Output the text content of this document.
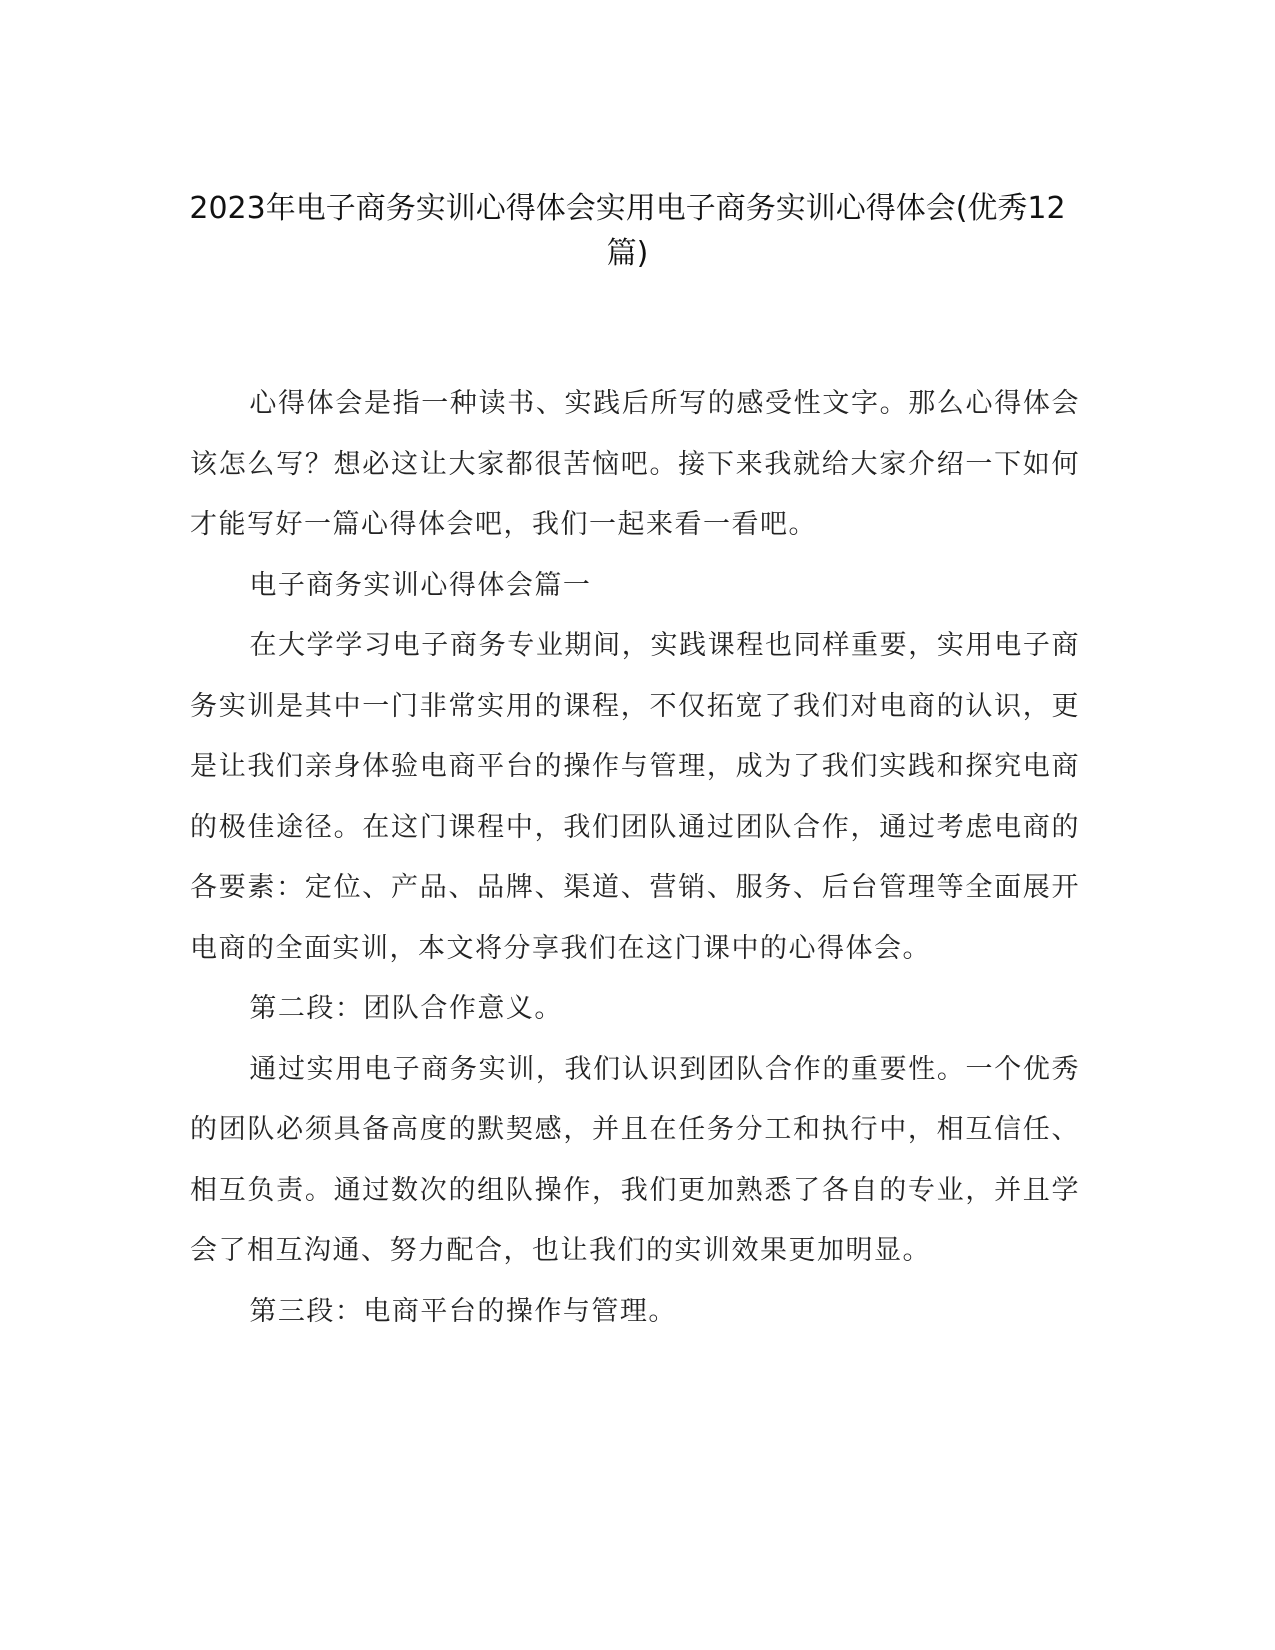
2023年电子商务实训心得体会实用电子商务实训心得体会(优秀12篇)

心得体会是指一种读书、实践后所写的感受性文字。那么心得体会该怎么写？想必这让大家都很苦恼吧。接下来我就给大家介绍一下如何才能写好一篇心得体会吧，我们一起来看一看吧。

电子商务实训心得体会篇一

在大学学习电子商务专业期间，实践课程也同样重要，实用电子商务实训是其中一门非常实用的课程，不仅拓宽了我们对电商的认识，更是让我们亲身体验电商平台的操作与管理，成为了我们实践和探究电商的极佳途径。在这门课程中，我们团队通过团队合作，通过考虑电商的各要素：定位、产品、品牌、渠道、营销、服务、后台管理等全面展开电商的全面实训，本文将分享我们在这门课中的心得体会。

第二段：团队合作意义。

通过实用电子商务实训，我们认识到团队合作的重要性。一个优秀的团队必须具备高度的默契感，并且在任务分工和执行中，相互信任、相互负责。通过数次的组队操作，我们更加熟悉了各自的专业，并且学会了相互沟通、努力配合，也让我们的实训效果更加明显。

第三段：电商平台的操作与管理。
